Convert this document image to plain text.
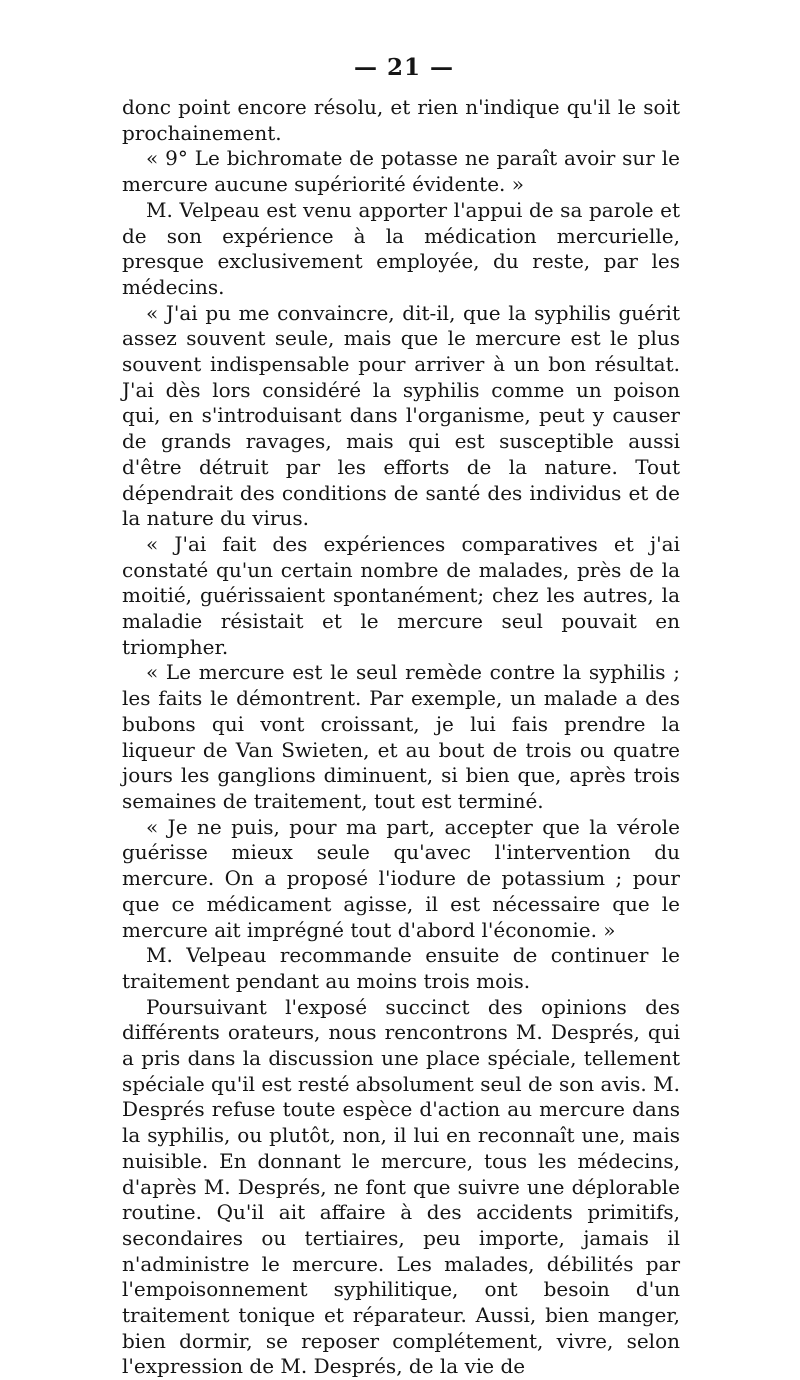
— 21 —

donc point encore résolu, et rien n'indique qu'il le soit prochainement.

« 9° Le bichromate de potasse ne paraît avoir sur le mercure aucune supériorité évidente. »

M. Velpeau est venu apporter l'appui de sa parole et de son expérience à la médication mercurielle, presque exclusivement employée, du reste, par les médecins.

« J'ai pu me convaincre, dit-il, que la syphilis guérit assez souvent seule, mais que le mercure est le plus souvent indispensable pour arriver à un bon résultat. J'ai dès lors considéré la syphilis comme un poison qui, en s'introduisant dans l'organisme, peut y causer de grands ravages, mais qui est susceptible aussi d'être détruit par les efforts de la nature. Tout dépendrait des conditions de santé des individus et de la nature du virus.

« J'ai fait des expériences comparatives et j'ai constaté qu'un certain nombre de malades, près de la moitié, guérissaient spontanément; chez les autres, la maladie résistait et le mercure seul pouvait en triompher.

« Le mercure est le seul remède contre la syphilis ; les faits le démontrent. Par exemple, un malade a des bubons qui vont croissant, je lui fais prendre la liqueur de Van Swieten, et au bout de trois ou quatre jours les ganglions diminuent, si bien que, après trois semaines de traitement, tout est terminé.

« Je ne puis, pour ma part, accepter que la vérole guérisse mieux seule qu'avec l'intervention du mercure. On a proposé l'iodure de potassium ; pour que ce médicament agisse, il est nécessaire que le mercure ait imprégné tout d'abord l'économie. »

M. Velpeau recommande ensuite de continuer le traitement pendant au moins trois mois.

Poursuivant l'exposé succinct des opinions des différents orateurs, nous rencontrons M. Després, qui a pris dans la discussion une place spéciale, tellement spéciale qu'il est resté absolument seul de son avis. M. Després refuse toute espèce d'action au mercure dans la syphilis, ou plutôt, non, il lui en reconnaît une, mais nuisible. En donnant le mercure, tous les médecins, d'après M. Després, ne font que suivre une déplorable routine. Qu'il ait affaire à des accidents primitifs, secondaires ou tertiaires, peu importe, jamais il n'administre le mercure. Les malades, débilités par l'empoisonnement syphilitique, ont besoin d'un traitement tonique et réparateur. Aussi, bien manger, bien dormir, se reposer complétement, vivre, selon l'expression de M. Després, de la vie de
